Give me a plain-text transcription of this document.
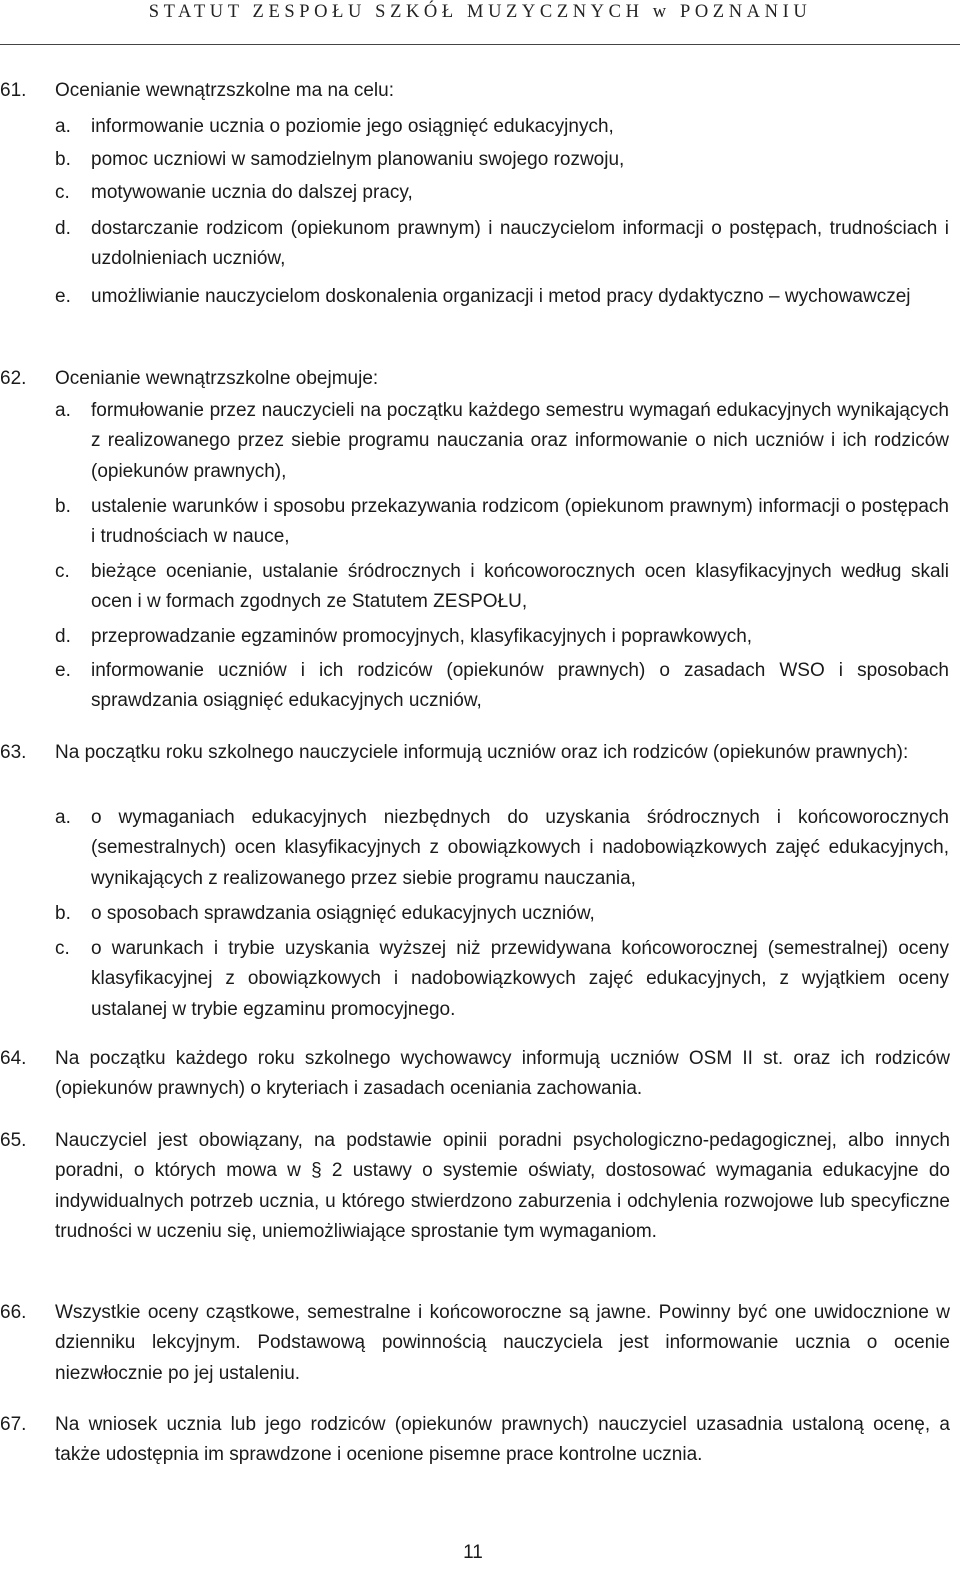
STATUT ZESPOŁU SZKÓŁ MUZYCZNYCH w POZNANIU
61. Ocenianie wewnątrzszkolne ma na celu:
a. informowanie ucznia o poziomie jego osiągnięć edukacyjnych,
b. pomoc uczniowi w samodzielnym planowaniu swojego rozwoju,
c. motywowanie ucznia do dalszej pracy,
d. dostarczanie rodzicom (opiekunom prawnym) i nauczycielom informacji o postępach, trudnościach i uzdolnieniach uczniów,
e. umożliwianie nauczycielom doskonalenia organizacji i metod pracy dydaktyczno – wychowawczej
62. Ocenianie wewnątrzszkolne obejmuje:
a. formułowanie przez nauczycieli na początku każdego semestru wymagań edukacyjnych wynikających z realizowanego przez siebie programu nauczania oraz informowanie o nich uczniów i ich rodziców (opiekunów prawnych),
b. ustalenie warunków i sposobu przekazywania rodzicom (opiekunom prawnym) informacji o postępach i trudnościach w nauce,
c. bieżące ocenianie, ustalanie śródrocznych i końcoworocznych ocen klasyfikacyjnych według skali ocen i w formach zgodnych ze Statutem ZESPOŁU,
d. przeprowadzanie egzaminów promocyjnych, klasyfikacyjnych i poprawkowych,
e. informowanie uczniów i ich rodziców (opiekunów prawnych) o zasadach WSO i sposobach sprawdzania osiągnięć edukacyjnych uczniów,
63. Na początku roku szkolnego nauczyciele informują uczniów oraz ich rodziców (opiekunów prawnych):
a. o wymaganiach edukacyjnych niezbędnych do uzyskania śródrocznych i końcoworocznych (semestralnych) ocen klasyfikacyjnych z obowiązkowych i nadobowiązkowych zajęć edukacyjnych, wynikających z realizowanego przez siebie programu nauczania,
b. o sposobach sprawdzania osiągnięć edukacyjnych uczniów,
c. o warunkach i trybie uzyskania wyższej niż przewidywana końcoworocznej (semestralnej) oceny klasyfikacyjnej z obowiązkowych i nadobowiązkowych zajęć edukacyjnych, z wyjątkiem oceny ustalanej w trybie egzaminu promocyjnego.
64. Na początku każdego roku szkolnego wychowawcy informują uczniów OSM II st. oraz ich rodziców (opiekunów prawnych) o kryteriach i zasadach oceniania zachowania.
65. Nauczyciel jest obowiązany, na podstawie opinii poradni psychologiczno-pedagogicznej, albo innych poradni, o których mowa w § 2 ustawy o systemie oświaty, dostosować wymagania edukacyjne do indywidualnych potrzeb ucznia, u którego stwierdzono zaburzenia i odchylenia rozwojowe lub specyficzne trudności w uczeniu się, uniemożliwiające sprostanie tym wymaganiom.
66. Wszystkie oceny cząstkowe, semestralne i końcoworoczne są jawne. Powinny być one uwidocznione w dzienniku lekcyjnym. Podstawową powinnością nauczyciela jest informowanie ucznia o ocenie niezwłocznie po jej ustaleniu.
67. Na wniosek ucznia lub jego rodziców (opiekunów prawnych) nauczyciel uzasadnia ustaloną ocenę, a także udostępnia im sprawdzone i ocenione pisemne prace kontrolne ucznia.
11
